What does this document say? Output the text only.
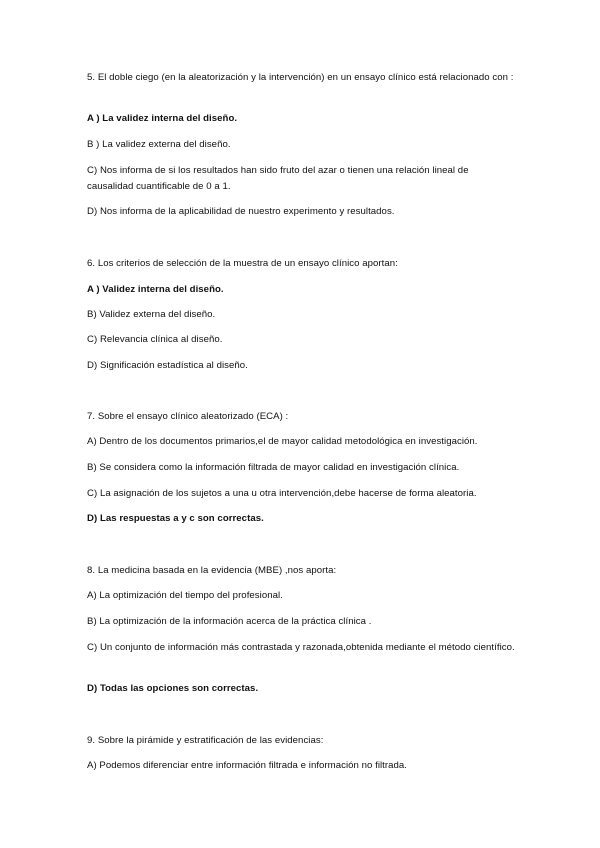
5. El doble ciego (en la aleatorización y la intervención) en un ensayo clínico está relacionado con :
A ) La validez interna del diseño.
B ) La validez externa del diseño.
C) Nos informa de si los resultados han sido fruto del azar o tienen una relación lineal de causalidad cuantificable de 0 a 1.
D) Nos informa de la aplicabilidad de nuestro experimento y resultados.
6. Los criterios de selección de la muestra de un ensayo clínico aportan:
A ) Validez interna del diseño.
B) Validez externa del diseño.
C) Relevancia clínica al diseño.
D) Significación estadística al diseño.
7. Sobre el ensayo clínico aleatorizado (ECA) :
A) Dentro de los documentos primarios,el de mayor calidad metodológica en investigación.
B) Se considera como la información filtrada de mayor calidad en investigación clínica.
C) La asignación de los sujetos a una u otra intervención,debe hacerse de forma aleatoria.
D) Las respuestas a y c son correctas.
8. La medicina basada en la evidencia (MBE) ,nos aporta:
A) La optimización del tiempo del profesional.
B) La optimización de la información acerca de la práctica clínica .
C) Un conjunto de información más contrastada y razonada,obtenida mediante el método científico.
D) Todas las opciones son correctas.
9. Sobre la pirámide y estratificación de las evidencias:
A) Podemos diferenciar entre información filtrada e información no filtrada.
